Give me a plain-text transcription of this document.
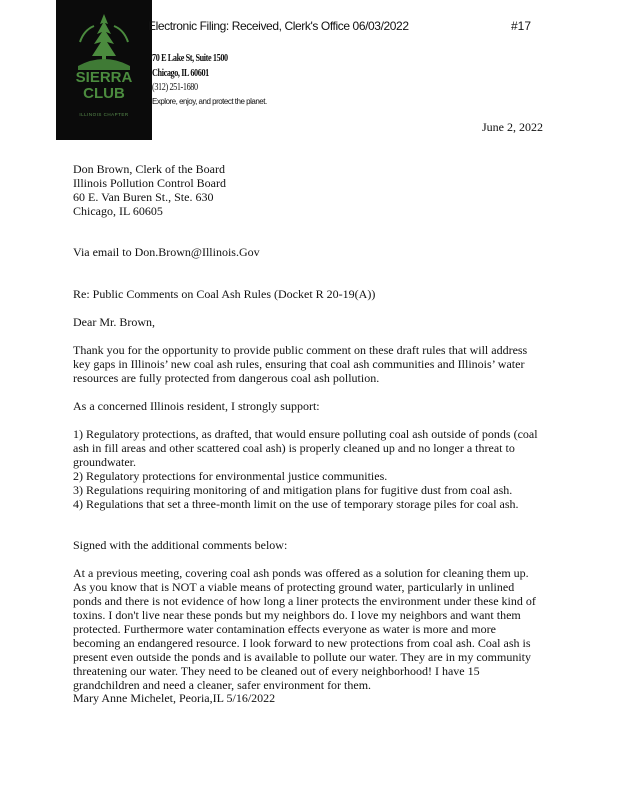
SIERRA
CLUB
ILLINOIS CHAPTER
Electronic Filing: Received, Clerk's Office 06/03/2022	#17
70 E Lake St, Suite 1500
Chicago, IL 60601
(312) 251-1680
Explore, enjoy, and protect the planet.
June 2, 2022
Don Brown, Clerk of the Board
Illinois Pollution Control Board
60 E. Van Buren St., Ste. 630
Chicago, IL 60605
Via email to Don.Brown@Illinois.Gov
Re: Public Comments on Coal Ash Rules (Docket R 20-19(A))
Dear Mr. Brown,
Thank you for the opportunity to provide public comment on these draft rules that will address
key gaps in Illinois’ new coal ash rules, ensuring that coal ash communities and Illinois’ water
resources are fully protected from dangerous coal ash pollution.
As a concerned Illinois resident, I strongly support:
1) Regulatory protections, as drafted, that would ensure polluting coal ash outside of ponds (coal
ash in fill areas and other scattered coal ash) is properly cleaned up and no longer a threat to
groundwater.
2) Regulatory protections for environmental justice communities.
3) Regulations requiring monitoring of and mitigation plans for fugitive dust from coal ash.
4) Regulations that set a three-month limit on the use of temporary storage piles for coal ash.
Signed with the additional comments below:
At a previous meeting, covering coal ash ponds was offered as a solution for cleaning them up.
As you know that is NOT a viable means of protecting ground water, particularly in unlined
ponds and there is not evidence of how long a liner protects the environment under these kind of
toxins. I don't live near these ponds but my neighbors do. I love my neighbors and want them
protected. Furthermore water contamination effects everyone as water is more and more
becoming an endangered resource. I look forward to new protections from coal ash. Coal ash is
present even outside the ponds and is available to pollute our water. They are in my community
threatening our water. They need to be cleaned out of every neighborhood! I have 15
grandchildren and need a cleaner, safer environment for them.
Mary Anne Michelet, Peoria,IL 5/16/2022
